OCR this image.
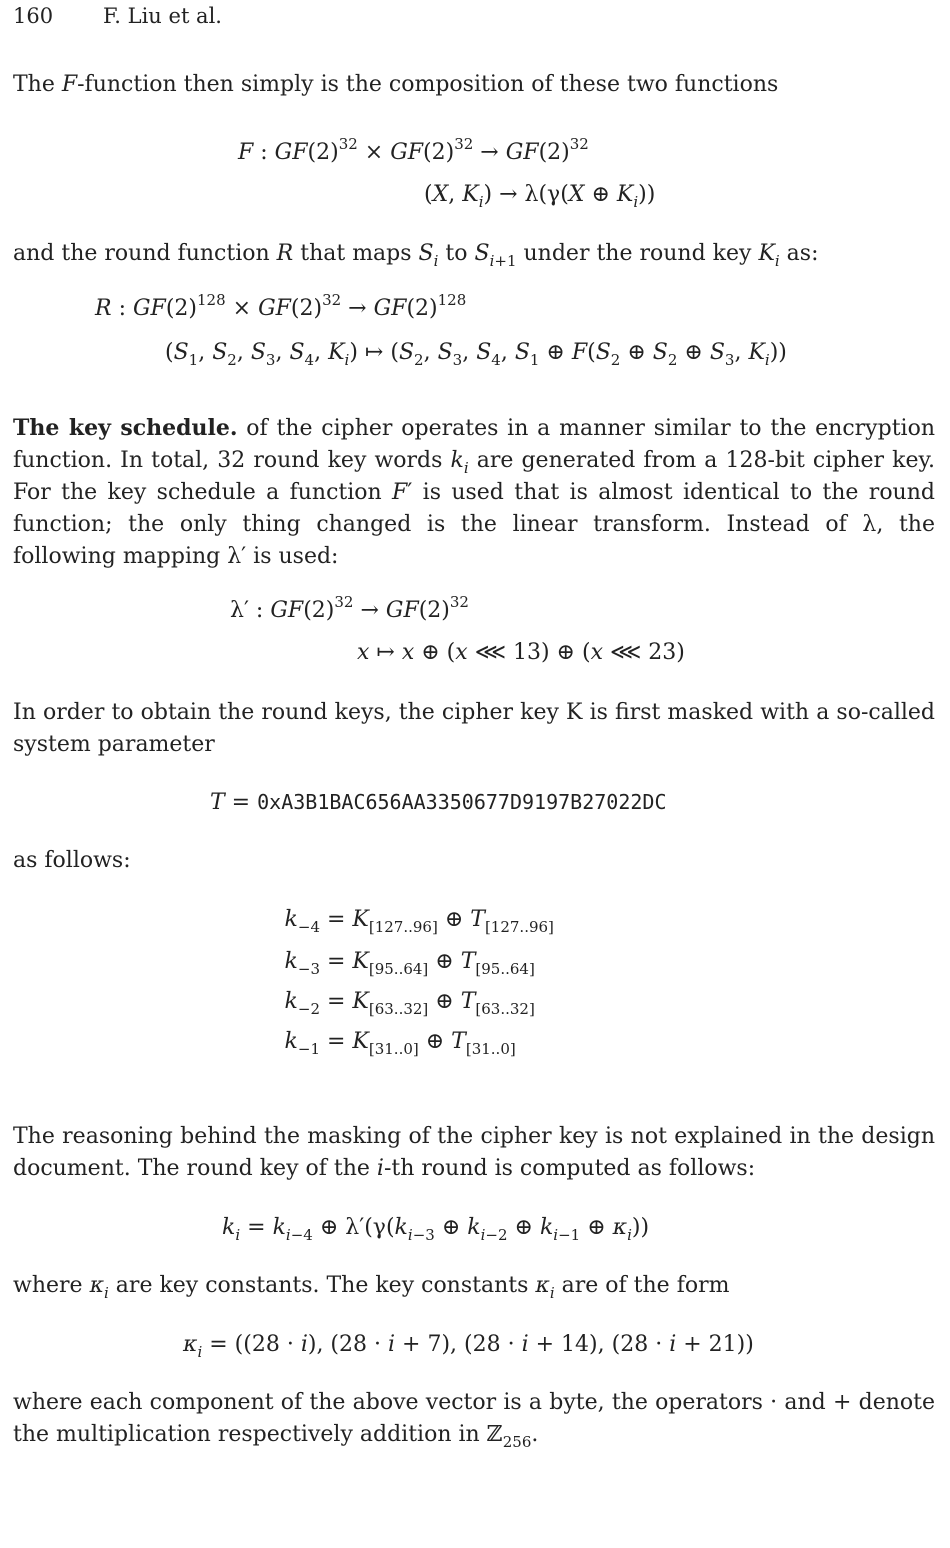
160 F. Liu et al.
The F-function then simply is the composition of these two functions
F : $GF(2)^{32} \times GF(2)^{32} \to GF(2)^{32}$
(X, $K_i) \to \lambda(\gamma(X$ ⊕ $K_i$))
and the round function R that maps $S_i$ to $S_{i+1}$ under the round key $K_i$ as:
R : $GF(2)^{128} \times GF(2)^{32} \to GF(2)^{128}$
($S_1$, $S_2$, $S_3$, $S_4$, $K_i$) ↦ ($S_2$, $S_3$, $S_4$, $S_1$ ⊕ $F(S_2$ ⊕ $S_2$ ⊕ $S_3$, $K_i$))
The key schedule. of the cipher operates in a manner similar to the encryption function. In total, 32 round key words $k_i$ are generated from a 128-bit cipher key. For the key schedule a function F′ is used that is almost identical to the round function; the only thing changed is the linear transform. Instead of λ, the following mapping λ′ is used:
λ′ : $GF(2)^{32} \to GF(2)^{32}$
x ↦ x ⊕ (x ⋘ 13) ⊕ (x ⋘ 23)
In order to obtain the round keys, the cipher key K is first masked with a so-called system parameter
T = 0xA3B1BAC656AA3350677D9197B27022DC
as follows:
$k_{-4} = K_{[127..96]}$ ⊕ $T_{[127..96]}$
$k_{-3} = K_{[95..64]}$ ⊕ $T_{[95..64]}$
$k_{-2} = K_{[63..32]}$ ⊕ $T_{[63..32]}$
$k_{-1} = K_{[31..0]}$ ⊕ $T_{[31..0]}$
The reasoning behind the masking of the cipher key is not explained in the design document. The round key of the i-th round is computed as follows:
$k_i = k_{i-4}$ ⊕ $\lambda'(\gamma(k_{i-3}$ ⊕ $k_{i-2}$ ⊕ $k_{i-1}$ ⊕ $\kappa_i$))
where $\kappa_i$ are key constants. The key constants $\kappa_i$ are of the form
$\kappa_i = ((28 \cdot i)$, (28 · i + 7), (28 · i + 14), (28 · i + 21))
where each component of the above vector is a byte, the operators · and + denote the multiplication respectively addition in ℤ$_{256}$.
